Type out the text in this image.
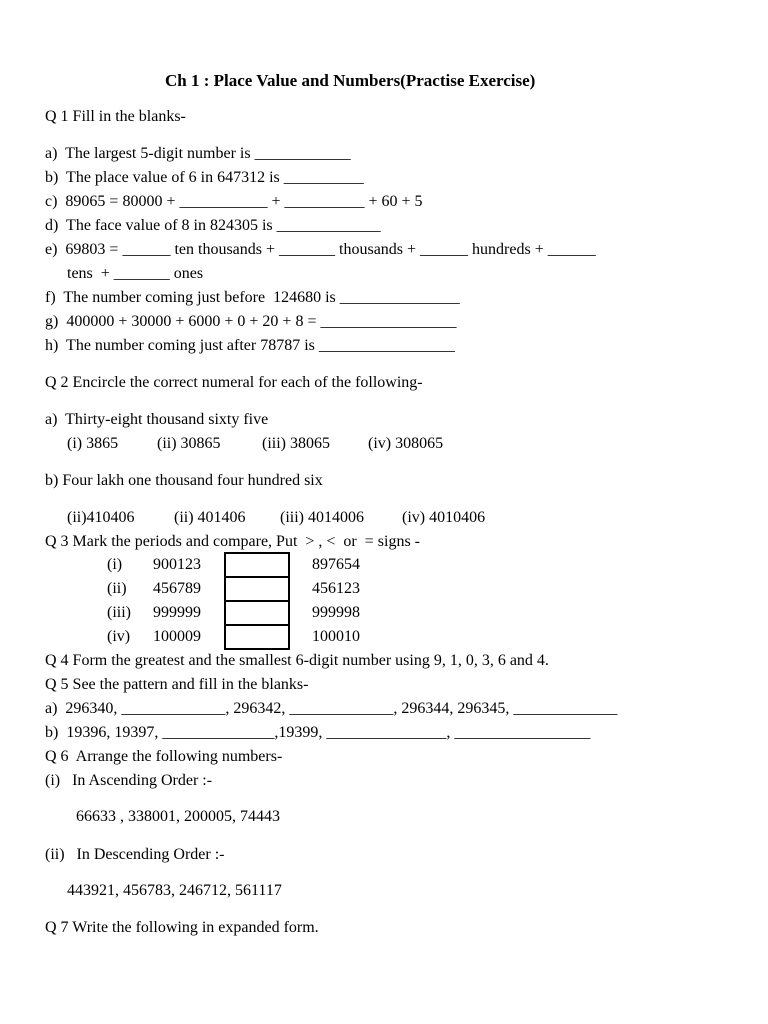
Ch 1 : Place Value and Numbers(Practise Exercise)
Q 1 Fill in the blanks-
a)  The largest 5-digit number is ____________
b)  The place value of 6 in 647312 is __________
c)  89065 = 80000 + ___________ + __________ + 60 + 5
d)  The face value of 8 in 824305 is _____________
e)  69803 = ______ ten thousands + _______ thousands + ______ hundreds + ______
tens  + _______ ones
f)  The number coming just before  124680 is _______________
g)  400000 + 30000 + 6000 + 0 + 20 + 8 = _________________
h)  The number coming just after 78787 is _________________
Q 2 Encircle the correct numeral for each of the following-
a)  Thirty-eight thousand sixty five
(i) 3865 (ii) 30865	(iii) 38065 (iv) 308065
b) Four lakh one thousand four hundred six
(ii)410406 (ii) 401406 (iii) 4014006 (iv) 4010406
Q 3 Mark the periods and compare, Put  > , <  or  = signs -
(i) 900123	897654
(ii) 456789	456123
(iii) 999999	999998
(iv) 100009	100010
Q 4 Form the greatest and the smallest 6-digit number using 9, 1, 0, 3, 6 and 4.
Q 5 See the pattern and fill in the blanks-
a)  296340, _____________, 296342, _____________, 296344, 296345, _____________
b)  19396, 19397, ______________,19399, _______________, _________________
Q 6  Arrange the following numbers-
(i)   In Ascending Order :-
66633 , 338001, 200005, 74443
(ii)   In Descending Order :-
443921, 456783, 246712, 561117
Q 7 Write the following in expanded form.
